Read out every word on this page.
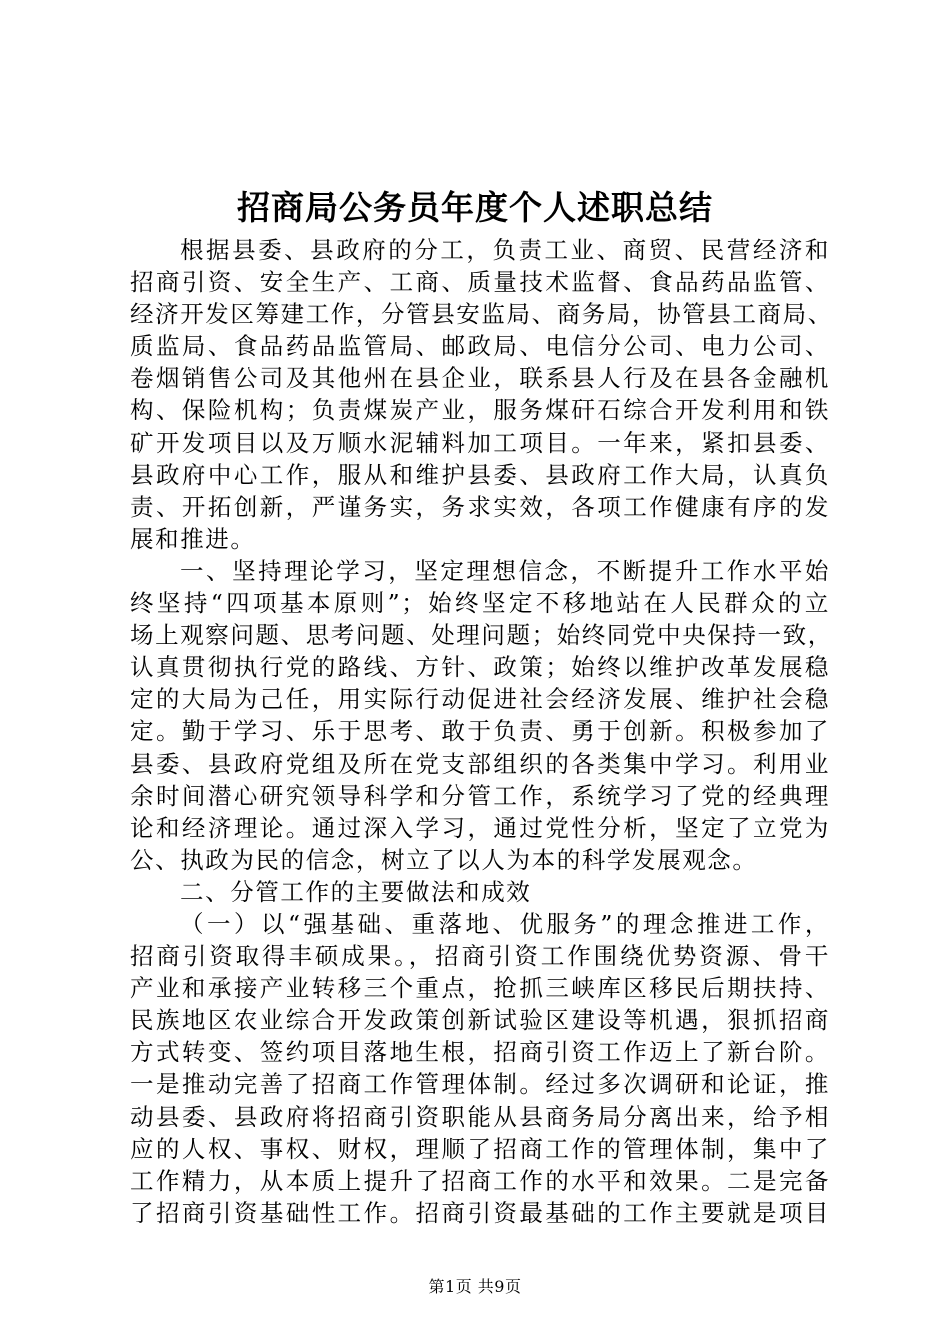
招商局公务员年度个人述职总结

根据县委、县政府的分工，负责工业、商贸、民营经济和

招商引资、安全生产、工商、质量技术监督、食品药品监管、

经济开发区筹建工作，分管县安监局、商务局，协管县工商局、

质监局、食品药品监管局、邮政局、电信分公司、电力公司、

卷烟销售公司及其他州在县企业，联系县人行及在县各金融机

构、保险机构；负责煤炭产业，服务煤矸石综合开发利用和铁

矿开发项目以及万顺水泥辅料加工项目。一年来，紧扣县委、

县政府中心工作，服从和维护县委、县政府工作大局，认真负

责、开拓创新，严谨务实，务求实效，各项工作健康有序的发

展和推进。

一、坚持理论学习，坚定理想信念，不断提升工作水平始

终坚持“四项基本原则”；始终坚定不移地站在人民群众的立

场上观察问题、思考问题、处理问题；始终同党中央保持一致，

认真贯彻执行党的路线、方针、政策；始终以维护改革发展稳

定的大局为己任，用实际行动促进社会经济发展、维护社会稳

定。勤于学习、乐于思考、敢于负责、勇于创新。积极参加了

县委、县政府党组及所在党支部组织的各类集中学习。利用业

余时间潜心研究领导科学和分管工作，系统学习了党的经典理

论和经济理论。通过深入学习，通过党性分析，坚定了立党为

公、执政为民的信念，树立了以人为本的科学发展观念。

二、分管工作的主要做法和成效

（一）以“强基础、重落地、优服务”的理念推进工作，

招商引资取得丰硕成果。，招商引资工作围绕优势资源、骨干

产业和承接产业转移三个重点，抢抓三峡库区移民后期扶持、

民族地区农业综合开发政策创新试验区建设等机遇，狠抓招商

方式转变、签约项目落地生根，招商引资工作迈上了新台阶。

一是推动完善了招商工作管理体制。经过多次调研和论证，推

动县委、县政府将招商引资职能从县商务局分离出来，给予相

应的人权、事权、财权，理顺了招商工作的管理体制，集中了

工作精力，从本质上提升了招商工作的水平和效果。二是完备

了招商引资基础性工作。招商引资最基础的工作主要就是项目

第1页 共9页
